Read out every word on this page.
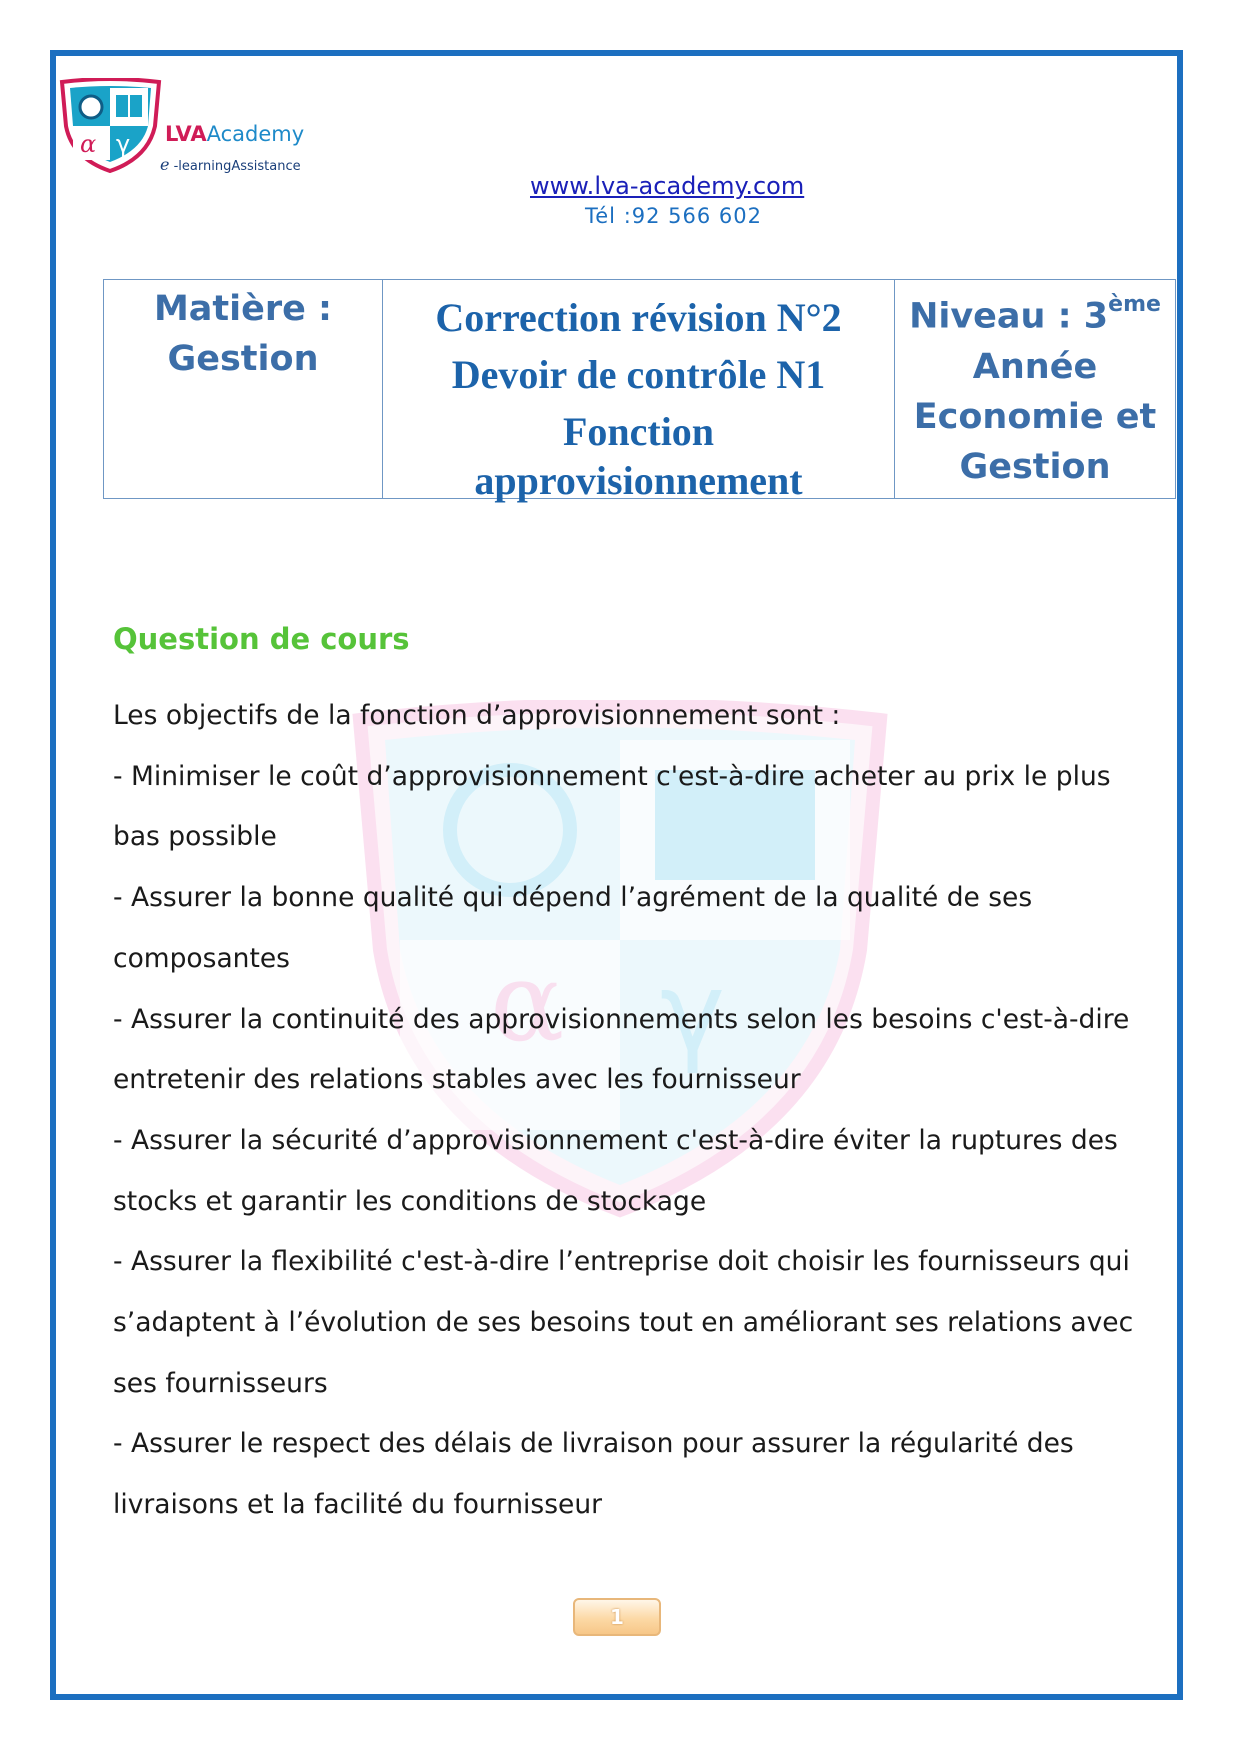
α γ
α γ LVAAcademy
e -learningAssistance
www.lva-academy.com
Tél :92 566 602
Matière :
Gestion
Correction révision N°2
Devoir de contrôle N1
Fonction
approvisionnement
Niveau : 3ème
Année
Economie et
Gestion
Question de cours

Les objectifs de la fonction d’approvisionnement sont :

- Minimiser le coût d’approvisionnement c'est-à-dire acheter au prix le plus bas possible

- Assurer la bonne qualité qui dépend l’agrément de la qualité de ses composantes

- Assurer la continuité des approvisionnements selon les besoins c'est-à-dire entretenir des relations stables avec les fournisseur

- Assurer la sécurité d’approvisionnement c'est-à-dire éviter la ruptures des stocks et garantir les conditions de stockage

- Assurer la flexibilité c'est-à-dire l’entreprise doit choisir les fournisseurs qui s’adaptent à l’évolution de ses besoins tout en améliorant ses relations avec ses fournisseurs

- Assurer le respect des délais de livraison pour assurer la régularité des livraisons et la facilité du fournisseur

1
